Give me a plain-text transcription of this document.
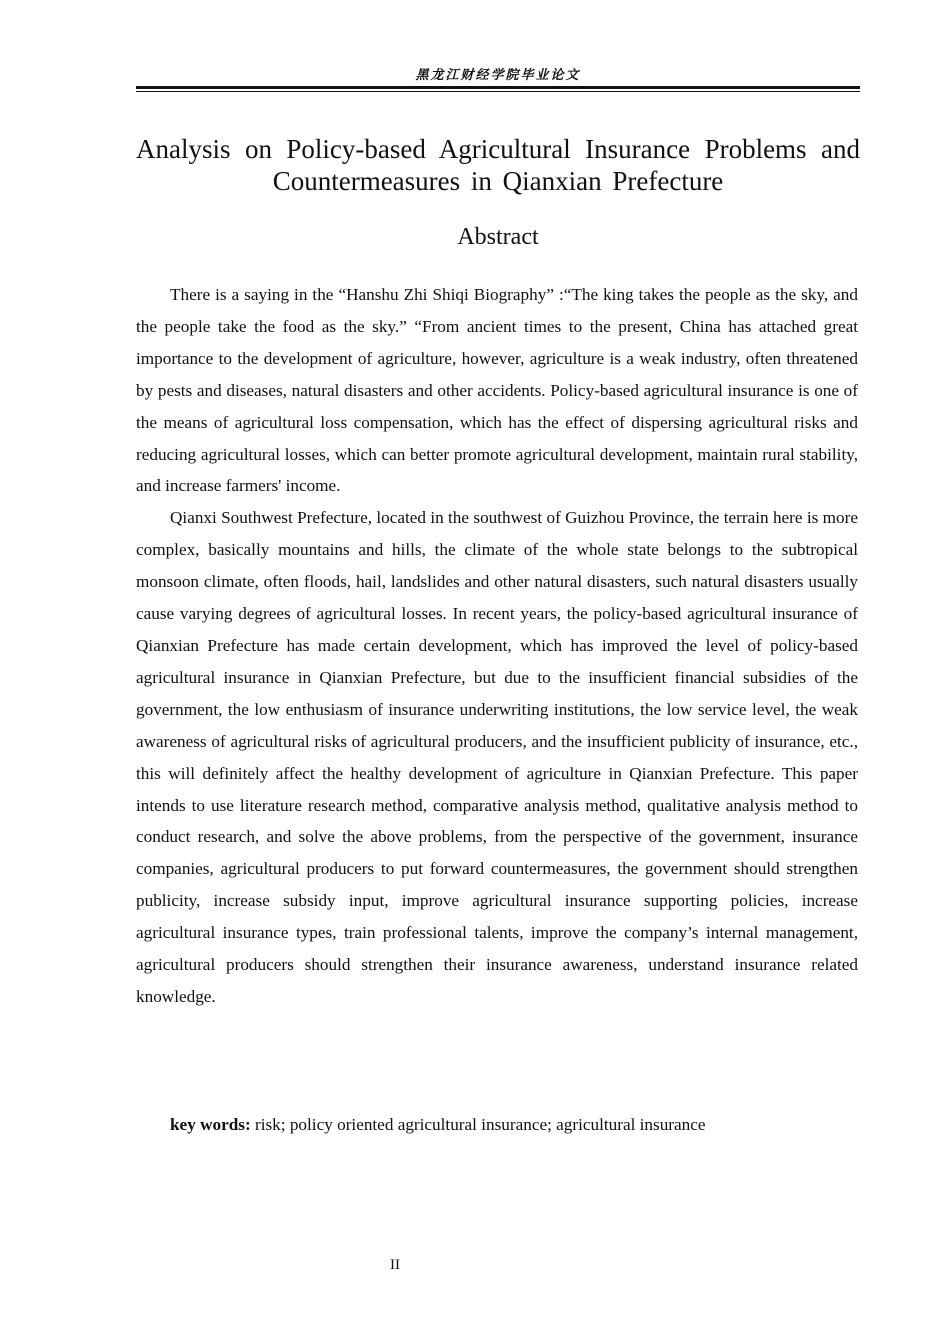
黑龙江财经学院毕业论文
Analysis on Policy-based Agricultural Insurance Problems and Countermeasures in Qianxian Prefecture
Abstract

There is a saying in the “Hanshu Zhi Shiqi Biography” :“The king takes the people as the sky, and the people take the food as the sky.” “From ancient times to the present, China has attached great importance to the development of agriculture, however, agriculture is a weak industry, often threatened by pests and diseases, natural disasters and other accidents. Policy-based agricultural insurance is one of the means of agricultural loss compensation, which has the effect of dispersing agricultural risks and reducing agricultural losses, which can better promote agricultural development, maintain rural stability, and increase farmers' income.

Qianxi Southwest Prefecture, located in the southwest of Guizhou Province, the terrain here is more complex, basically mountains and hills, the climate of the whole state belongs to the subtropical monsoon climate, often floods, hail, landslides and other natural disasters, such natural disasters usually cause varying degrees of agricultural losses. In recent years, the policy-based agricultural insurance of Qianxian Prefecture has made certain development, which has improved the level of policy-based agricultural insurance in Qianxian Prefecture, but due to the insufficient financial subsidies of the government, the low enthusiasm of insurance underwriting institutions, the low service level, the weak awareness of agricultural risks of agricultural producers, and the insufficient publicity of insurance, etc., this will definitely affect the healthy development of agriculture in Qianxian Prefecture. This paper intends to use literature research method, comparative analysis method, qualitative analysis method to conduct research, and solve the above problems, from the perspective of the government, insurance companies, agricultural producers to put forward countermeasures, the government should strengthen publicity, increase subsidy input, improve agricultural insurance supporting policies, increase agricultural insurance types, train professional talents, improve the company’s internal management, agricultural producers should strengthen their insurance awareness, understand insurance related knowledge.

key words: risk; policy oriented agricultural insurance; agricultural insurance
II
